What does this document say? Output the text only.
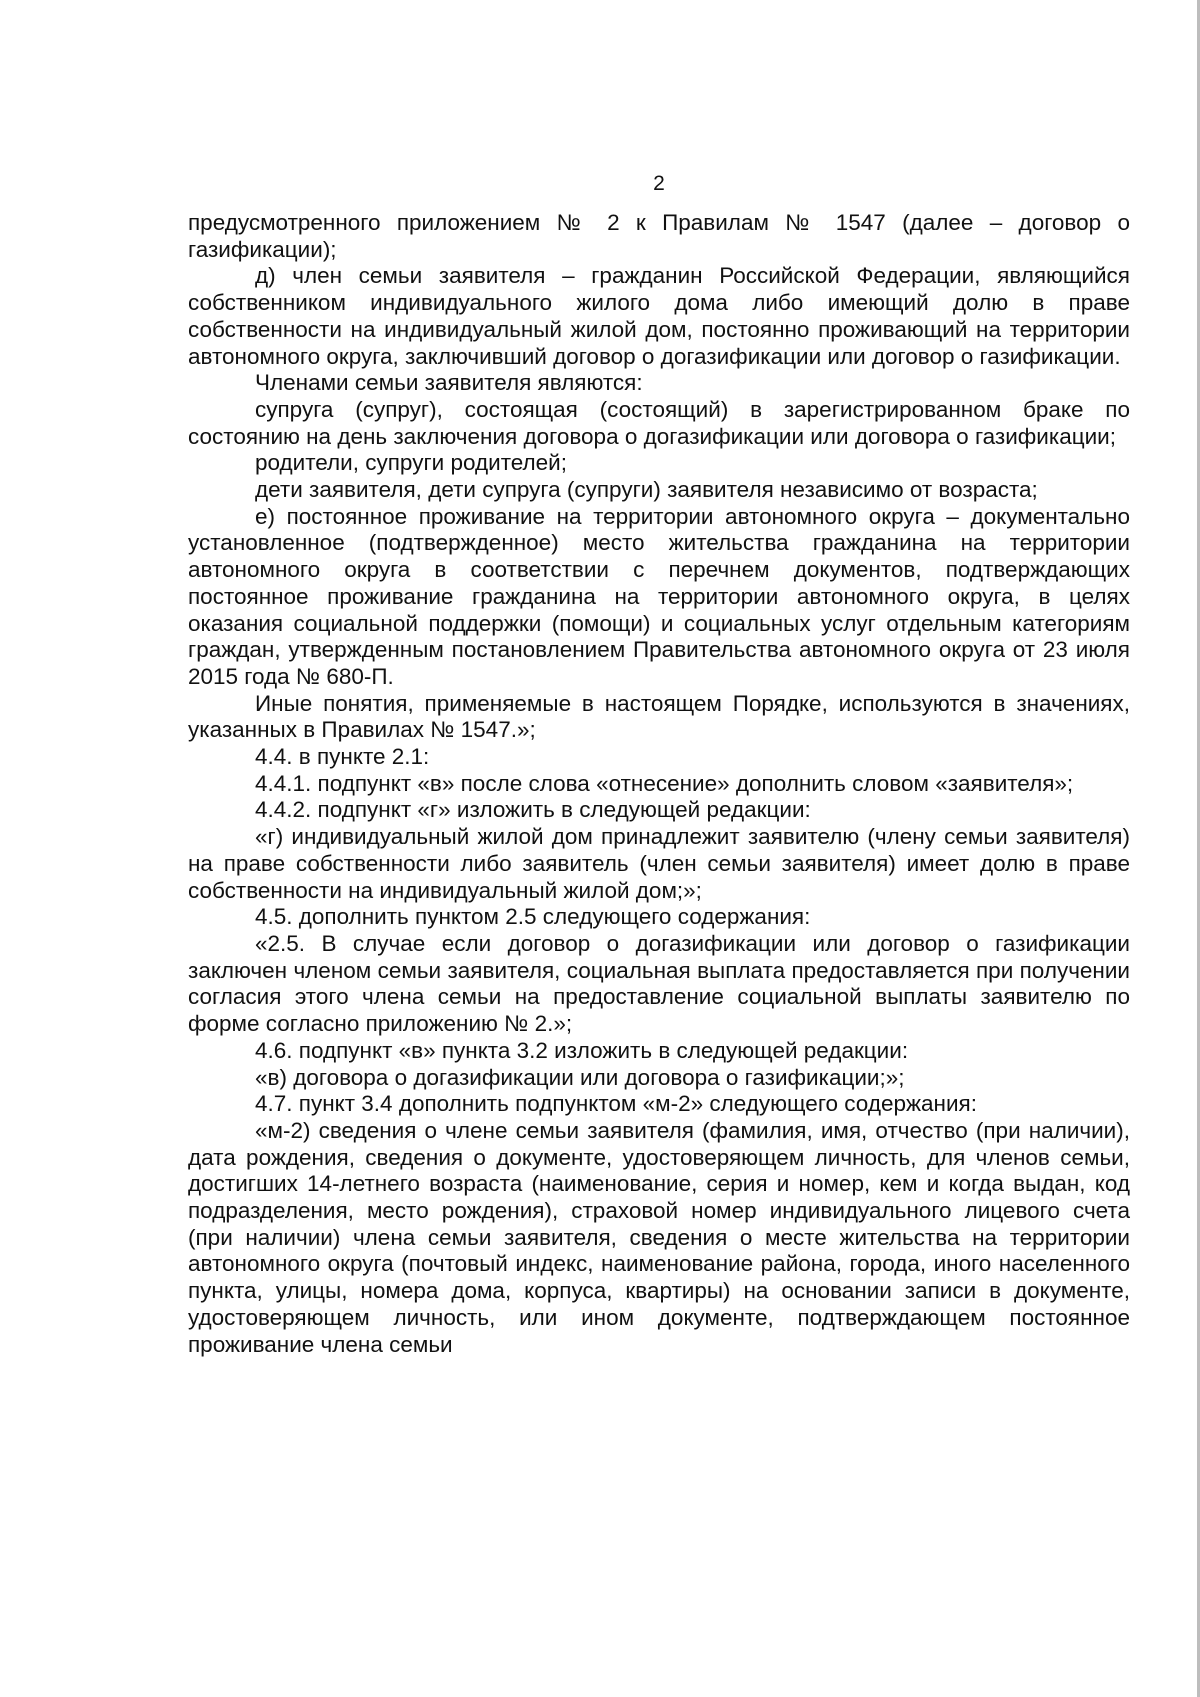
2

предусмотренного приложением № 2 к Правилам № 1547 (далее – договор о газификации);

д) член семьи заявителя – гражданин Российской Федерации, являющийся собственником индивидуального жилого дома либо имеющий долю в праве собственности на индивидуальный жилой дом, постоянно проживающий на территории автономного округа, заключивший договор о догазификации или договор о газификации.

Членами семьи заявителя являются:

супруга (супруг), состоящая (состоящий) в зарегистрированном браке по состоянию на день заключения договора о догазификации или договора о газификации;

родители, супруги родителей;

дети заявителя, дети супруга (супруги) заявителя независимо от возраста;

е) постоянное проживание на территории автономного округа – документально установленное (подтвержденное) место жительства гражданина на территории автономного округа в соответствии с перечнем документов, подтверждающих постоянное проживание гражданина на территории автономного округа, в целях оказания социальной поддержки (помощи) и социальных услуг отдельным категориям граждан, утвержденным постановлением Правительства автономного округа от 23 июля 2015 года № 680-П.

Иные понятия, применяемые в настоящем Порядке, используются в значениях, указанных в Правилах № 1547.»;

4.4. в пункте 2.1:

4.4.1. подпункт «в» после слова «отнесение» дополнить словом «заявителя»;

4.4.2. подпункт «г» изложить в следующей редакции:

«г) индивидуальный жилой дом принадлежит заявителю (члену семьи заявителя) на праве собственности либо заявитель (член семьи заявителя) имеет долю в праве собственности на индивидуальный жилой дом;»;

4.5. дополнить пунктом 2.5 следующего содержания:

«2.5. В случае если договор о догазификации или договор о газификации заключен членом семьи заявителя, социальная выплата предоставляется при получении согласия этого члена семьи на предоставление социальной выплаты заявителю по форме согласно приложению № 2.»;

4.6. подпункт «в» пункта 3.2 изложить в следующей редакции:

«в) договора о догазификации или договора о газификации;»;

4.7. пункт 3.4 дополнить подпунктом «м-2» следующего содержания:

«м-2) сведения о члене семьи заявителя (фамилия, имя, отчество (при наличии), дата рождения, сведения о документе, удостоверяющем личность, для членов семьи, достигших 14-летнего возраста (наименование, серия и номер, кем и когда выдан, код подразделения, место рождения), страховой номер индивидуального лицевого счета (при наличии) члена семьи заявителя, сведения о месте жительства на территории автономного округа (почтовый индекс, наименование района, города, иного населенного пункта, улицы, номера дома, корпуса, квартиры) на основании записи в документе, удостоверяющем личность, или ином документе, подтверждающем постоянное проживание члена семьи
